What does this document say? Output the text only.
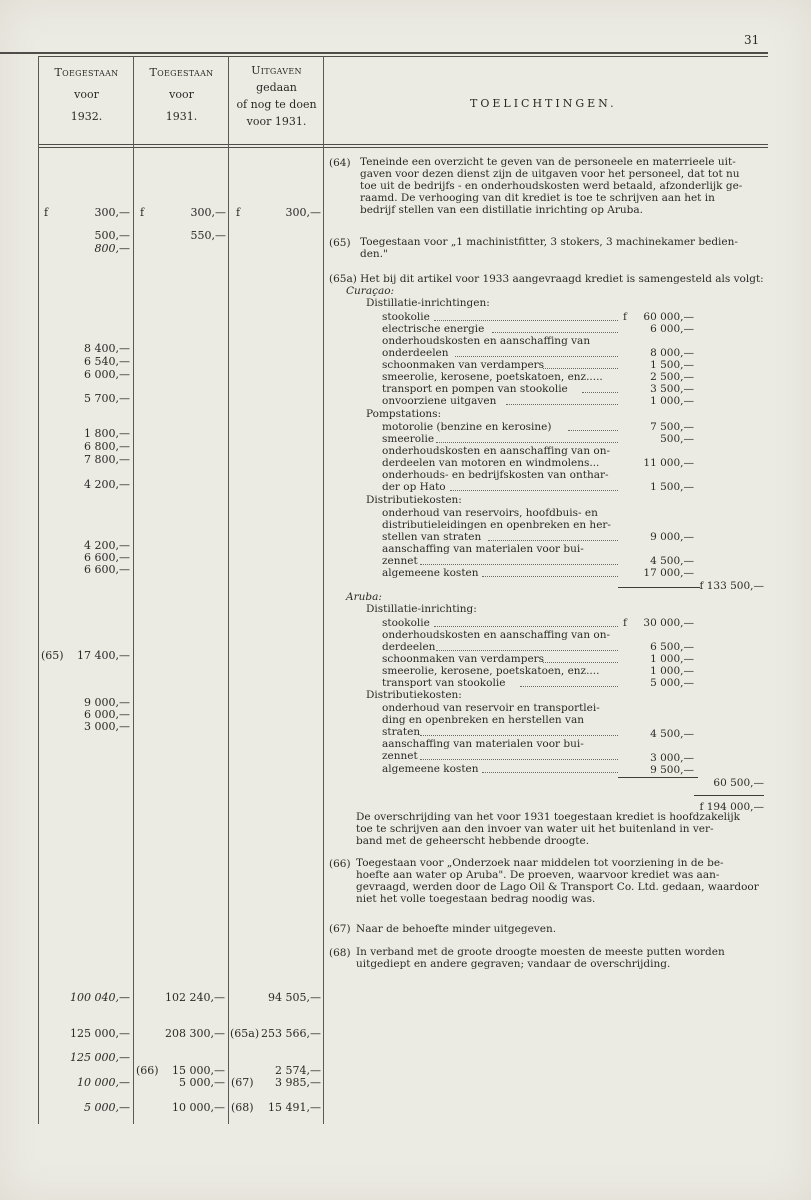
31
Toegestaan
voor
1932.
Toegestaan
voor
1931.
Uitgaven
gedaan
of nog te doen
voor 1931.
TOELICHTINGEN.
f	300,— f	300,— f	300,—
500,—	550,—
800,—
8 400,—
6 540,—
6 000,—
5 700,—
1 800,—
6 800,—
7 800,—
4 200,—
4 200,—
6 600,—
6 600,—
(65)	17 400,—
9 000,—
6 000,—
3 000,—
100 040,—	102 240,—	94 505,—
125 000,—	208 300,— (65a) 253 566,—
125 000,—
(66)	15 000,—	2 574,—
10 000,—	5 000,— (67)	3 985,—
5 000,—	10 000,— (68)	15 491,—
(64) Teneinde een overzicht te geven van de personeele en materrieele uit-
gaven voor dezen dienst zijn de uitgaven voor het personeel, dat tot nu
toe uit de bedrijfs - en onderhoudskosten werd betaald, afzonderlijk ge-
raamd. De verhooging van dit krediet is toe te schrijven aan het in
bedrijf stellen van een distillatie inrichting op Aruba.
(65) Toegestaan voor „1 machinistfitter, 3 stokers, 3 machinekamer bedien-
den."
(65a) Het bij dit artikel voor 1933 aangevraagd krediet is samengesteld als volgt:
Curaçao:
Distillatie-inrichtingen:
stookolie	f	60 000,—
electrische energie	6 000,—
onderhoudskosten en aanschaffing van
onderdeelen	8 000,—
schoonmaken van verdampers	1 500,—
smeerolie, kerosene, poetskatoen, enz.....	2 500,—
transport en pompen van stookolie	3 500,—
onvoorziene uitgaven	1 000,—
Pompstations:
motorolie (benzine en kerosine)	7 500,—
smeerolie	500,—
onderhoudskosten en aanschaffing van on-
derdeelen van motoren en windmolens...	11 000,—
onderhouds- en bedrijfskosten van onthar-
der op Hato	1 500,—
Distributiekosten:
onderhoud van reservoirs, hoofdbuis- en
distributieleidingen en openbreken en her-
stellen van straten	9 000,—
aanschaffing van materialen voor bui-
zennet	4 500,—
algemeene kosten	17 000,—
f 133 500,—
Aruba:
Distillatie-inrichting:
stookolie	f	30 000,—
onderhoudskosten en aanschaffing van on-
derdeelen	6 500,—
schoonmaken van verdampers	1 000,—
smeerolie, kerosene, poetskatoen, enz....	1 000,—
transport van stookolie	5 000,—
Distributiekosten:
onderhoud van reservoir en transportlei-
ding en openbreken en herstellen van
straten	4 500,—
aanschaffing van materialen voor bui-
zennet	3 000,—
algemeene kosten	9 500,—
60 500,—
f 194 000,—
De overschrijding van het voor 1931 toegestaan krediet is hoofdzakelijk
toe te schrijven aan den invoer van water uit het buitenland in ver-
band met de geheerscht hebbende droogte.
(66) Toegestaan voor „Onderzoek naar middelen tot voorziening in de be-
hoefte aan water op Aruba". De proeven, waarvoor krediet was aan-
gevraagd, werden door de Lago Oil & Transport Co. Ltd. gedaan, waardoor
niet het volle toegestaan bedrag noodig was.
(67) Naar de behoefte minder uitgegeven.
(68) In verband met de groote droogte moesten de meeste putten worden
uitgediept en andere gegraven; vandaar de overschrijding.
